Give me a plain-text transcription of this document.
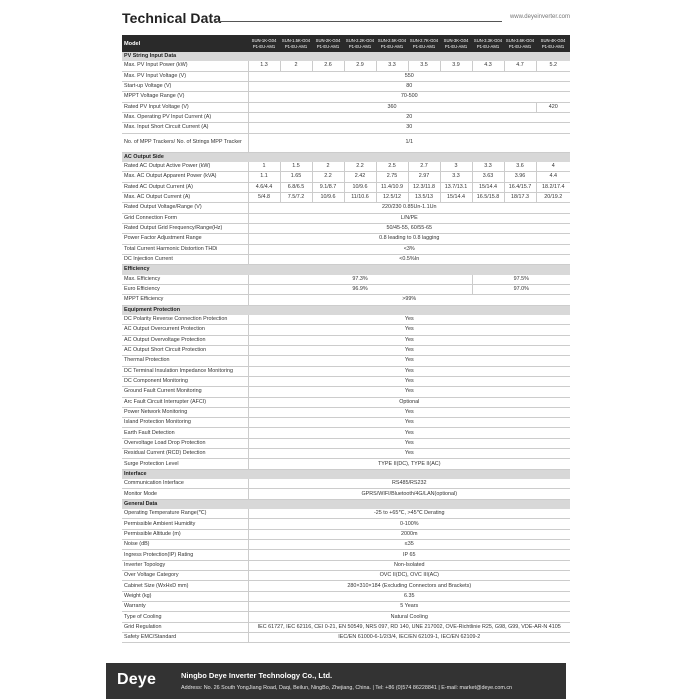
Technical Data	www.deyeinverter.com
Model	SUN-1K-G04 P1-EU-AM1	SUN-1.5K-G04 P1-EU-AM1	SUN-2K-G04 P1-EU-AM1	SUN-2.2K-G04 P1-EU-AM1	SUN-2.5K-G04 P1-EU-AM1	SUN-2.7K-G04 P1-EU-AM1	SUN-3K-G04 P1-EU-AM1	SUN-3.3K-G04 P1-EU-AM1	SUN-3.6K-G04 P1-EU-AM1	SUN-4K-G04 P1-EU-AM1
PV String Input Data										
Max. PV Input Power (kW)	1.3	2	2.6	2.9	3.3	3.5	3.9	4.3	4.7	5.2
Max. PV Input Voltage (V)	550									
Start-up Voltage (V)	80									
MPPT Voltage Range (V)	70-500									
Rated PV Input Voltage (V)	360									420
Max. Operating PV Input Current (A)	20									
Max. Input Short Circuit Current (A)	30									
No. of MPP Trackers/ No. of Strings MPP Tracker	1/1									
AC Output Side										
Rated AC Output Active Power (kW)	1	1.5	2	2.2	2.5	2.7	3	3.3	3.6	4
Max. AC Output Apparent Power (kVA)	1.1	1.65	2.2	2.42	2.75	2.97	3.3	3.63	3.96	4.4
Rated AC Output Current (A)	4.6/4.4	6.8/6.5	9.1/8.7	10/9.6	11.4/10.9	12.3/11.8	13.7/13.1	15/14.4	16.4/15.7	18.2/17.4
Max. AC Output Current (A)	5/4.8	7.5/7.2	10/9.6	11/10.6	12.5/12	13.5/13	15/14.4	16.5/15.8	18/17.3	20/19.2
Rated Output Voltage/Range (V)	220/230 0.85Un-1.1Un									
Grid Connection Form	L/N/PE									
Rated Output Grid Frequency/Range(Hz)	50/45-55, 60/55-65									
Power Factor Adjustment Range	0.8 leading to 0.8 lagging									
Total Current Harmonic Distortion THDi	<3%									
DC Injection Current	<0.5%In									
Efficiency										
Max. Efficiency	97.3%							97.5%		
Euro Efficiency	96.9%							97.0%		
MPPT Efficiency	>99%									
Equipment Protection										
DC Polarity Reverse Connection Protection	Yes									
AC Output Overcurrent Protection	Yes									
AC Output Overvoltage Protection	Yes									
AC Output Short Circuit Protection	Yes									
Thermal Protection	Yes									
DC Terminal Insulation Impedance Monitoring	Yes									
DC Component Monitoring	Yes									
Ground Fault Current Monitoring	Yes									
Arc Fault Circuit Interrupter (AFCI)	Optional									
Power Network Monitoring	Yes									
Island Protection Monitoring	Yes									
Earth Fault Detection	Yes									
Overvoltage Load Drop Protection	Yes									
Residual Current (RCD) Detection	Yes									
Surge Protection Level	TYPE II(DC), TYPE II(AC)									
Interface										
Communication Interface	RS485/RS232									
Monitor Mode	GPRS/WIFI/Bluetooth/4G/LAN(optional)									
General Data										
Operating Temperature Range(℃)	-25 to +65℃, >45℃ Derating									
Permissible Ambient Humidity	0-100%									
Permissible Altitude (m)	2000m									
Noise (dB)	≤35									
Ingress Protection(IP) Rating	IP 65									
Inverter Topology	Non-Isolated									
Over Voltage Category	OVC II(DC), OVC III(AC)									
Cabinet Size (WxHxD mm)	280×310×184 (Excluding Connectors and Brackets)									
Weight (kg)	6.35									
Warranty	5 Years									
Type of Cooling	Natural Cooling									
Grid Regulation	IEC 61727, IEC 62116, CEI 0-21, EN 50549, NRS 097, RD 140, UNE 217002, OVE-Richtlinie R25, G98, G99, VDE-AR-N 4105									
Safety EMC/Standard	IEC/EN 61000-6-1/2/3/4, IEC/EN 62109-1, IEC/EN 62109-2									
Deye	Ningbo Deye Inverter Technology Co., Ltd.
Address: No. 26 South YongJiang Road, Daqi, Beilun, NingBo, Zhejiang, China. | Tel: +86 (0)574 86228841 | E-mail: market@deye.com.cn
